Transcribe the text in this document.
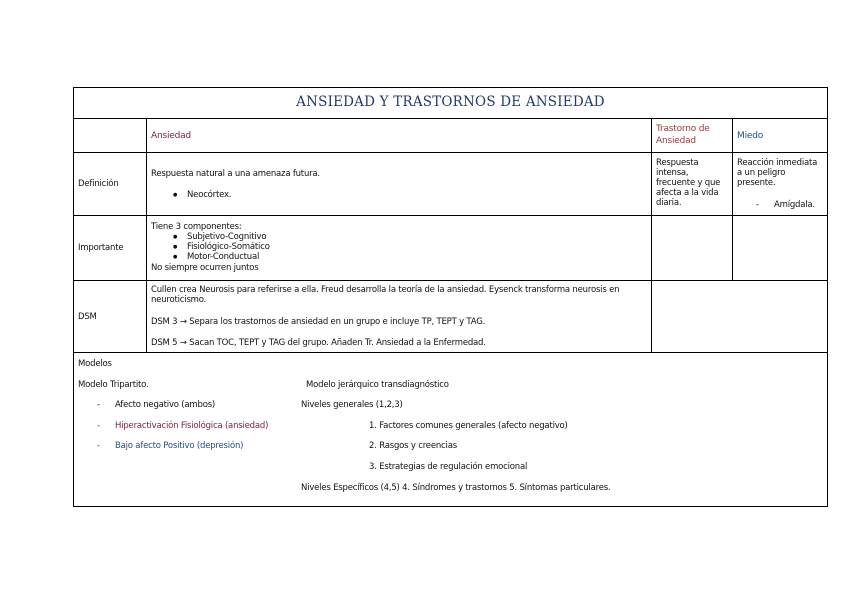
ANSIEDAD Y TRASTORNOS DE ANSIEDAD
Ansiedad
Trastorno de
Ansiedad	Miedo
Definición
Respuesta natural a una amenaza futura.
● Neocórtex.
Respuesta
intensa,
frecuente y que
afecta a la vida
diaria.
Reacción inmediata
a un peligro
presente.
- Amígdala.
Importante
Tiene 3 componentes:
● Subjetivo-Cognitivo
● Fisiológico-Somático
● Motor-Conductual
No siempre ocurren juntos
DSM
Cullen crea Neurosis para referirse a ella. Freud desarrolla la teoría de la ansiedad. Eysenck transforma neurosis en
neuroticismo.
DSM 3 → Separa los trastornos de ansiedad en un grupo e incluye TP, TEPT y TAG.
DSM 5 → Sacan TOC, TEPT y TAG del grupo. Añaden Tr. Ansiedad a la Enfermedad.
Modelos
Modelo Tripartito.
- Afecto negativo (ambos)
- Hiperactivación Fisiológica (ansiedad)
- Bajo afecto Positivo (depresión)
Modelo jerárquico transdiagnóstico
Niveles generales (1,2,3)
1. Factores comunes generales (afecto negativo)
2. Rasgos y creencias
3. Estrategias de regulación emocional
Niveles Específicos (4,5) 4. Síndromes y trastornos 5. Síntomas particulares.
